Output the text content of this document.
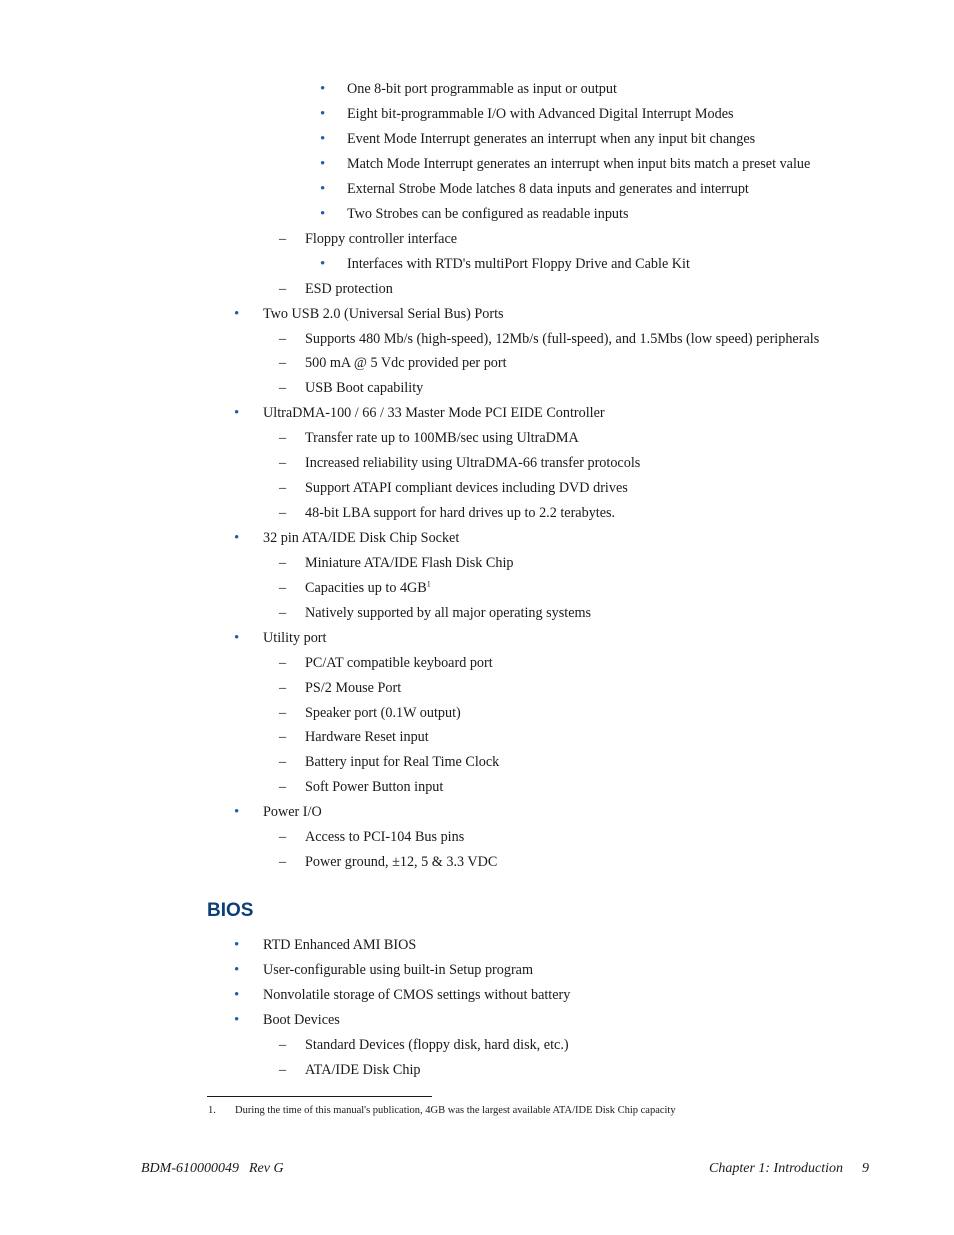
• One 8-bit port programmable as input or output
• Eight bit-programmable I/O with Advanced Digital Interrupt Modes
• Event Mode Interrupt generates an interrupt when any input bit changes
• Match Mode Interrupt generates an interrupt when input bits match a preset value
• External Strobe Mode latches 8 data inputs and generates and interrupt
• Two Strobes can be configured as readable inputs
– Floppy controller interface
• Interfaces with RTD's multiPort Floppy Drive and Cable Kit
– ESD protection
• Two USB 2.0 (Universal Serial Bus) Ports
– Supports 480 Mb/s (high-speed), 12Mb/s (full-speed), and 1.5Mbs (low speed) peripherals
– 500 mA @ 5 Vdc provided per port
– USB Boot capability
• UltraDMA-100 / 66 / 33 Master Mode PCI EIDE Controller
– Transfer rate up to 100MB/sec using UltraDMA
– Increased reliability using UltraDMA-66 transfer protocols
– Support ATAPI compliant devices including DVD drives
– 48-bit LBA support for hard drives up to 2.2 terabytes.
• 32 pin ATA/IDE Disk Chip Socket
– Miniature ATA/IDE Flash Disk Chip
– Capacities up to $4GB^1$
– Natively supported by all major operating systems
• Utility port
– PC/AT compatible keyboard port
– PS/2 Mouse Port
– Speaker port (0.1W output)
– Hardware Reset input
– Battery input for Real Time Clock
– Soft Power Button input
• Power I/O
– Access to PCI-104 Bus pins
– Power ground, ±12, 5 & 3.3 VDC
BIOS
• RTD Enhanced AMI BIOS
• User-configurable using built-in Setup program
• Nonvolatile storage of CMOS settings without battery
• Boot Devices
– Standard Devices (floppy disk, hard disk, etc.)
– ATA/IDE Disk Chip
1. During the time of this manual's publication, 4GB was the largest available ATA/IDE Disk Chip capacity
BDM-610000049 Rev G	Chapter 1: Introduction 9
